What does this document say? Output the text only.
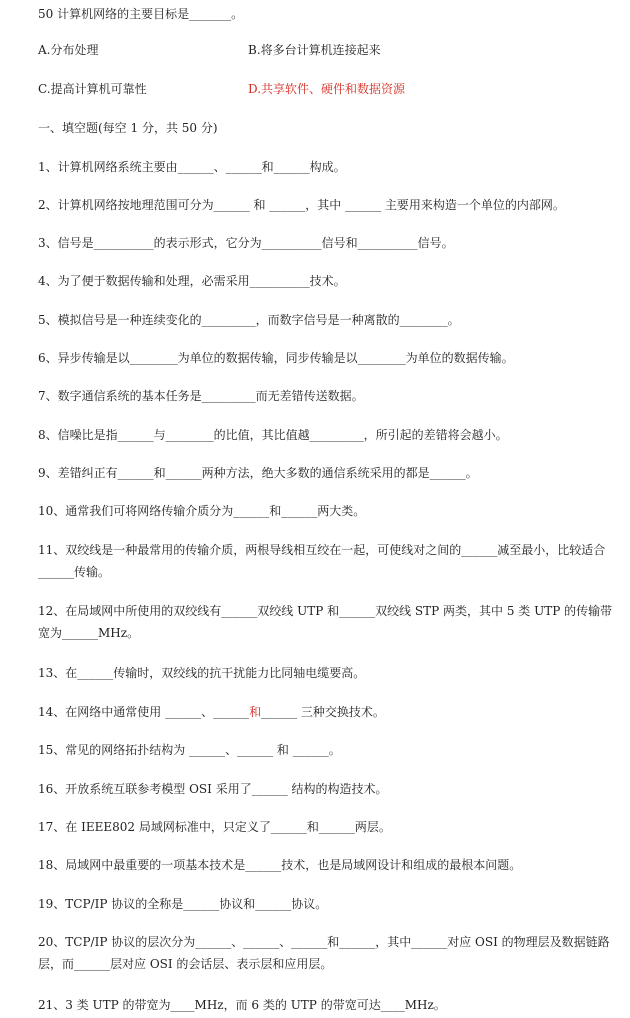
50 计算机网络的主要目标是_______。
A.分布处理	B.将多台计算机连接起来
C.提高计算机可靠性	D.共享软件、硬件和数据资源
一、填空题(每空 1 分，共 50 分)
1、计算机网络系统主要由______、______和______构成。
2、计算机网络按地理范围可分为______ 和 ______，其中 ______ 主要用来构造一个单位的内部网。
3、信号是__________的表示形式，它分为__________信号和__________信号。
4、为了便于数据传输和处理，必需采用__________技术。
5、模拟信号是一种连续变化的_________，而数字信号是一种离散的________。
6、异步传输是以________为单位的数据传输，同步传输是以________为单位的数据传输。
7、数字通信系统的基本任务是_________而无差错传送数据。
8、信噪比是指______与________的比值，其比值越_________，所引起的差错将会越小。
9、差错纠正有______和______两种方法，绝大多数的通信系统采用的都是______。
10、通常我们可将网络传输介质分为______和______两大类。
11、双绞线是一种最常用的传输介质，两根导线相互绞在一起，可使线对之间的______减至最小，比较适合______传输。
12、在局域网中所使用的双绞线有______双绞线 UTP 和______双绞线 STP 两类，其中 5 类 UTP 的传输带宽为______MHz。
13、在______传输时，双绞线的抗干扰能力比同轴电缆要高。
14、在网络中通常使用 ______、______和______ 三种交换技术。
15、常见的网络拓扑结构为 ______、______ 和 ______。
16、开放系统互联参考模型 OSI 采用了______ 结构的构造技术。
17、在 IEEE802 局域网标准中，只定义了______和______两层。
18、局域网中最重要的一项基本技术是______技术，也是局域网设计和组成的最根本问题。
19、TCP/IP 协议的全称是______协议和______协议。
20、TCP/IP 协议的层次分为______、______、______和______，其中______对应 OSI 的物理层及数据链路层，而______层对应 OSI 的会话层、表示层和应用层。
21、3 类 UTP 的带宽为____MHz，而 6 类的 UTP 的带宽可达____MHz。
